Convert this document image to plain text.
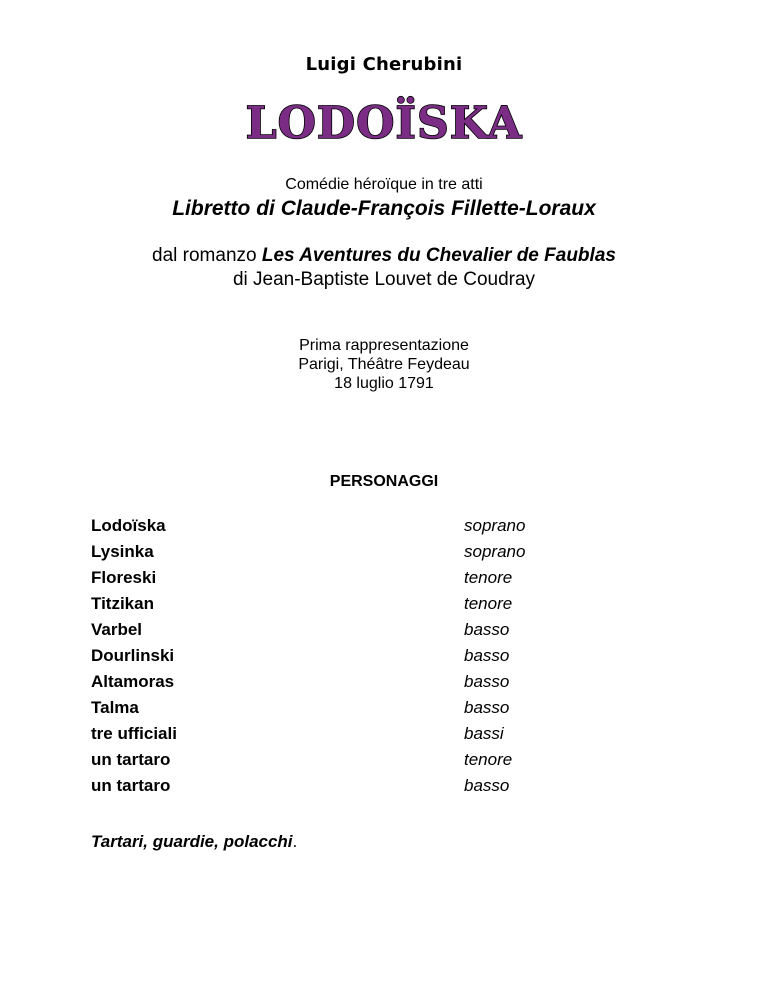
Luigi Cherubini
LODOÏSKA
Comédie héroïque in tre atti
Libretto di Claude-François Fillette-Loraux
dal romanzo Les Aventures du Chevalier de Faublas
di Jean-Baptiste Louvet de Coudray
Prima rappresentazione
Parigi, Théâtre Feydeau
18 luglio 1791
PERSONAGGI
Lodoïska	soprano
Lysinka	soprano
Floreski	tenore
Titzikan	tenore
Varbel	basso
Dourlinski	basso
Altamoras	basso
Talma	basso
tre ufficiali	bassi
un tartaro	tenore
un tartaro	basso
Tartari, guardie, polacchi.
